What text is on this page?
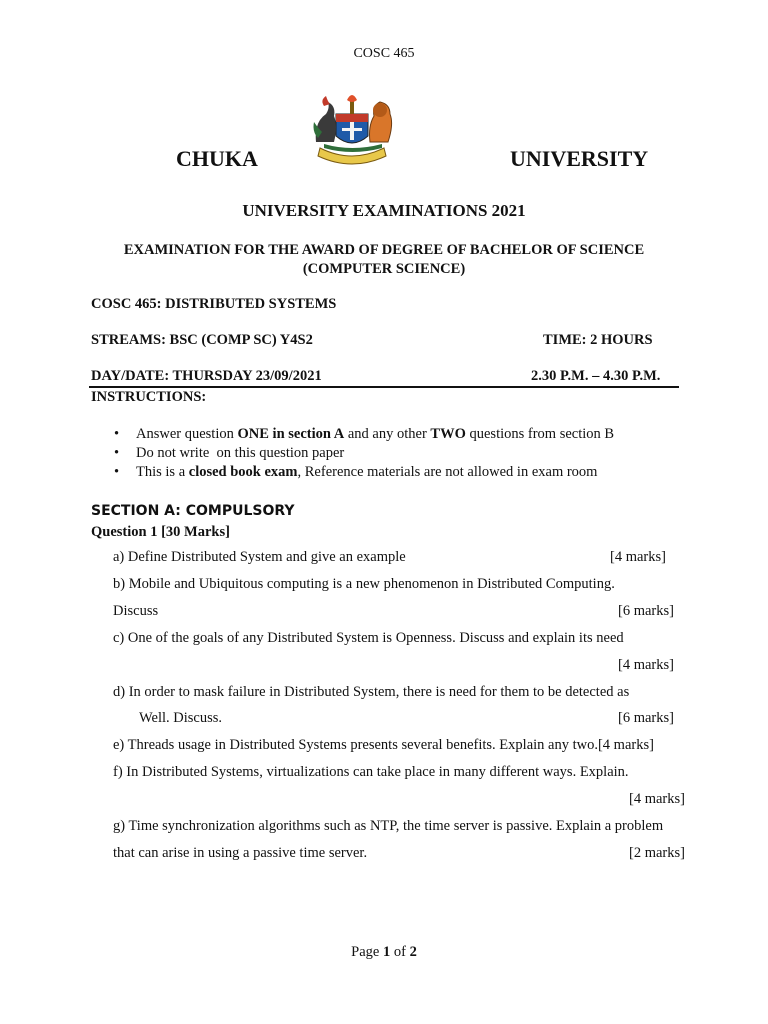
COSC 465
CHUKA	UNIVERSITY
UNIVERSITY EXAMINATIONS 2021
EXAMINATION FOR THE AWARD OF DEGREE OF BACHELOR OF SCIENCE
(COMPUTER SCIENCE)
COSC 465: DISTRIBUTED SYSTEMS
STREAMS: BSC (COMP SC) Y4S2	TIME: 2 HOURS
DAY/DATE: THURSDAY 23/09/2021	2.30 P.M. – 4.30 P.M.
INSTRUCTIONS:
• Answer question ONE in section A and any other TWO questions from section B
• Do not write  on this question paper
• This is a closed book exam, Reference materials are not allowed in exam room
SECTION A: COMPULSORY
Question 1 [30 Marks]
a) Define Distributed System and give an example	[4 marks]
b) Mobile and Ubiquitous computing is a new phenomenon in Distributed Computing.
Discuss	[6 marks]
c) One of the goals of any Distributed System is Openness. Discuss and explain its need
[4 marks]
d) In order to mask failure in Distributed System, there is need for them to be detected as
Well. Discuss.	[6 marks]
e) Threads usage in Distributed Systems presents several benefits. Explain any two.[4 marks]
f) In Distributed Systems, virtualizations can take place in many different ways. Explain.
[4 marks]
g) Time synchronization algorithms such as NTP, the time server is passive. Explain a problem
that can arise in using a passive time server.	[2 marks]
Page 1 of 2
